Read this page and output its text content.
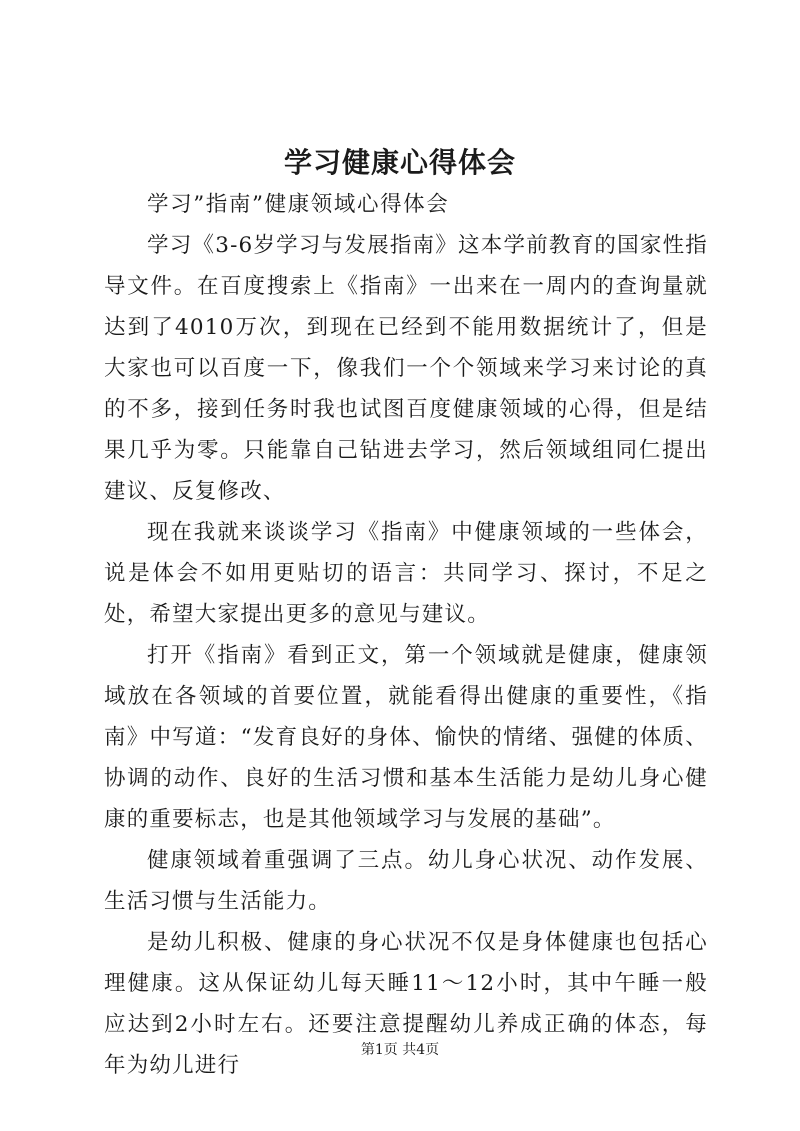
学习健康心得体会

学习”指南”健康领域心得体会

学习《3-6岁学习与发展指南》这本学前教育的国家性指导文件。在百度搜索上《指南》一出来在一周内的查询量就达到了4010万次，到现在已经到不能用数据统计了，但是大家也可以百度一下，像我们一个个领域来学习来讨论的真的不多，接到任务时我也试图百度健康领域的心得，但是结果几乎为零。只能靠自己钻进去学习，然后领域组同仁提出建议、反复修改、

现在我就来谈谈学习《指南》中健康领域的一些体会，说是体会不如用更贴切的语言：共同学习、探讨，不足之处，希望大家提出更多的意见与建议。

打开《指南》看到正文，第一个领域就是健康，健康领域放在各领域的首要位置，就能看得出健康的重要性，《指南》中写道：“发育良好的身体、愉快的情绪、强健的体质、协调的动作、良好的生活习惯和基本生活能力是幼儿身心健康的重要标志，也是其他领域学习与发展的基础”。

健康领域着重强调了三点。幼儿身心状况、动作发展、生活习惯与生活能力。

是幼儿积极、健康的身心状况不仅是身体健康也包括心理健康。这从保证幼儿每天睡11～12小时，其中午睡一般应达到2小时左右。还要注意提醒幼儿养成正确的体态，每年为幼儿进行

第1页 共4页
